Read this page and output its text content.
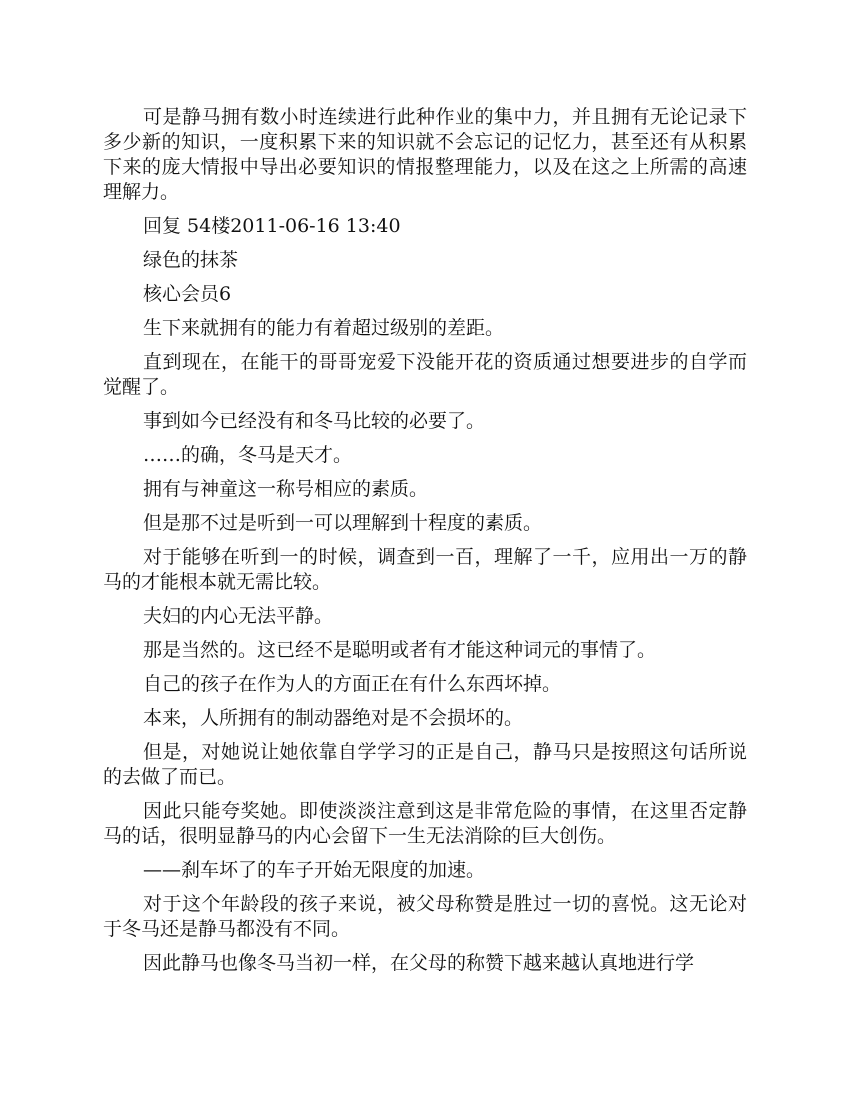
可是静马拥有数小时连续进行此种作业的集中力，并且拥有无论记录下多少新的知识，一度积累下来的知识就不会忘记的记忆力，甚至还有从积累下来的庞大情报中导出必要知识的情报整理能力，以及在这之上所需的高速理解力。

回复 54楼2011-06-16 13:40

绿色的抹茶

核心会员6

生下来就拥有的能力有着超过级别的差距。

直到现在，在能干的哥哥宠爱下没能开花的资质通过想要进步的自学而觉醒了。

事到如今已经没有和冬马比较的必要了。

……的确，冬马是天才。

拥有与神童这一称号相应的素质。

但是那不过是听到一可以理解到十程度的素质。

对于能够在听到一的时候，调查到一百，理解了一千，应用出一万的静马的才能根本就无需比较。

夫妇的内心无法平静。

那是当然的。这已经不是聪明或者有才能这种词元的事情了。

自己的孩子在作为人的方面正在有什么东西坏掉。

本来，人所拥有的制动器绝对是不会损坏的。

但是，对她说让她依靠自学学习的正是自己，静马只是按照这句话所说的去做了而已。

因此只能夸奖她。即使淡淡注意到这是非常危险的事情，在这里否定静马的话，很明显静马的内心会留下一生无法消除的巨大创伤。

——刹车坏了的车子开始无限度的加速。

对于这个年龄段的孩子来说，被父母称赞是胜过一切的喜悦。这无论对于冬马还是静马都没有不同。

因此静马也像冬马当初一样，在父母的称赞下越来越认真地进行学
